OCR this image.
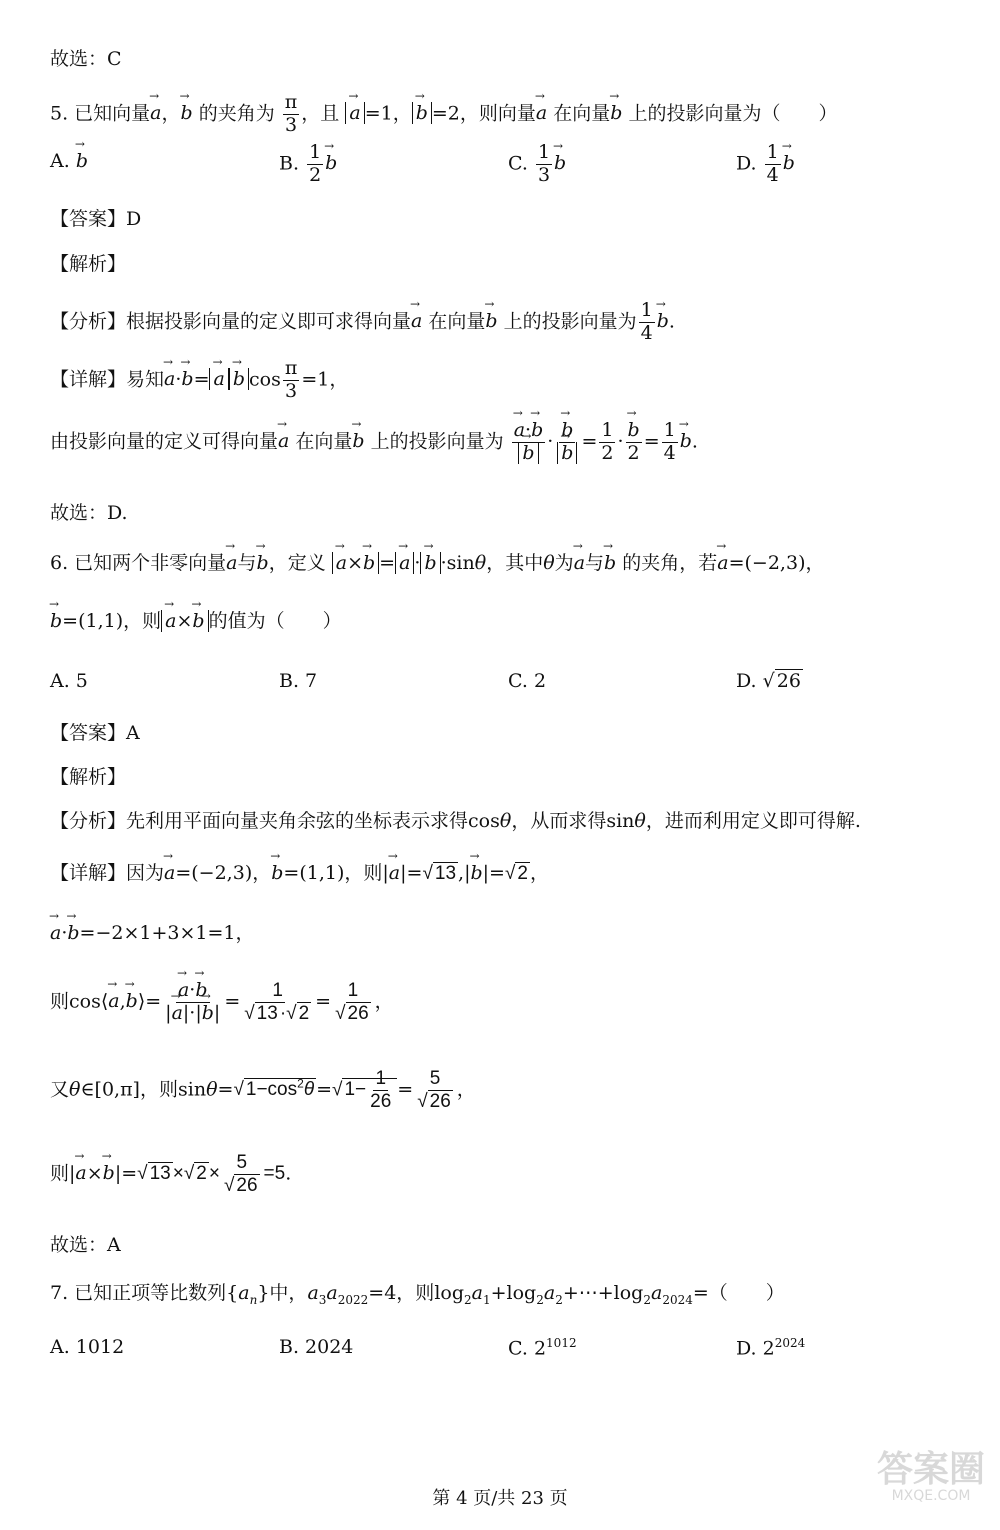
故选：C
5. 已知向量→ a，→ b 的夹角为 $\frac{\pi}{3}$ ，且 → a =1，→ b =2，则向量→ a 在向量→ b 上的投影向量为（　　）
A. → b	B. $\frac{1}{2}$
→ b	C. $\frac{1}{3}$
→ b	D. $\frac{1}{4}$
→ b
【答案】D
【解析】
【分析】根据投影向量的定义即可求得向量→ a 在向量→ b 上的投影向量为 $\frac{1}{4}$
→ b.
【详解】易知→ a·→ b=→ a→ b $\cos \frac{\pi}{3} =1$，
由投影向量的定义可得向量→ a 在向量→ b 上的投影向量为
→ a·→ b
→ b ·
→ b
→ $b = \frac{1}{2}$ ·
→ $\frac{b}{2} = \frac{1}{4}$
→ b.
故选：D.
6. 已知两个非零向量→ a与→ b，定义 → a×→ b =→ a ·→ b ·sinθ，其中θ为→ a与→ b 的夹角，若→ a=(−2,3)，
→ b=(1,1)，则→ a×→ b 的值为（　　）
A. 5	B. 7	C. 2	D. √ 26
【答案】A
【解析】
【分析】先利用平面向量夹角余弦的坐标表示求得cosθ，从而求得sinθ，进而利用定义即可得解.
【详解】因为→ a=(−2,3)，→ b=(1,1)，则|→ a|=√ 13 ,|→ b|=√ 2 ，
→ a·→ b=−2×1+3×1=1，
则cos⟨→ a,→ b⟩=
→ $\frac{a\cdot\to b}{|\to a|\cdot|\to b|} = \frac{1}{√ 13 \cdot√ 2} = \frac{1}{√ 26}$ ，
又θ∈[0,π]，则sinθ=√ $1-\cos^2\theta$ =√ $1- \frac{1}{26} = \frac{5}{√ 26}$ ，
则|→ a×→ b|=√ 13 ×√ $2 \times \frac{5}{√ 26} =5$.
故选：A
7. 已知正项等比数列$\{a_n\}$中，$a_3a_{2022}=4$，则$\log_2a_1+\log_2a_2+\cdots+\log_2a_{2024}=$（　　）
A. 1012	B. 2024	C. $2^{1012}$	D. $2^{2024}$
第 4 页/共 23 页
答案圈
MXQE.COM
